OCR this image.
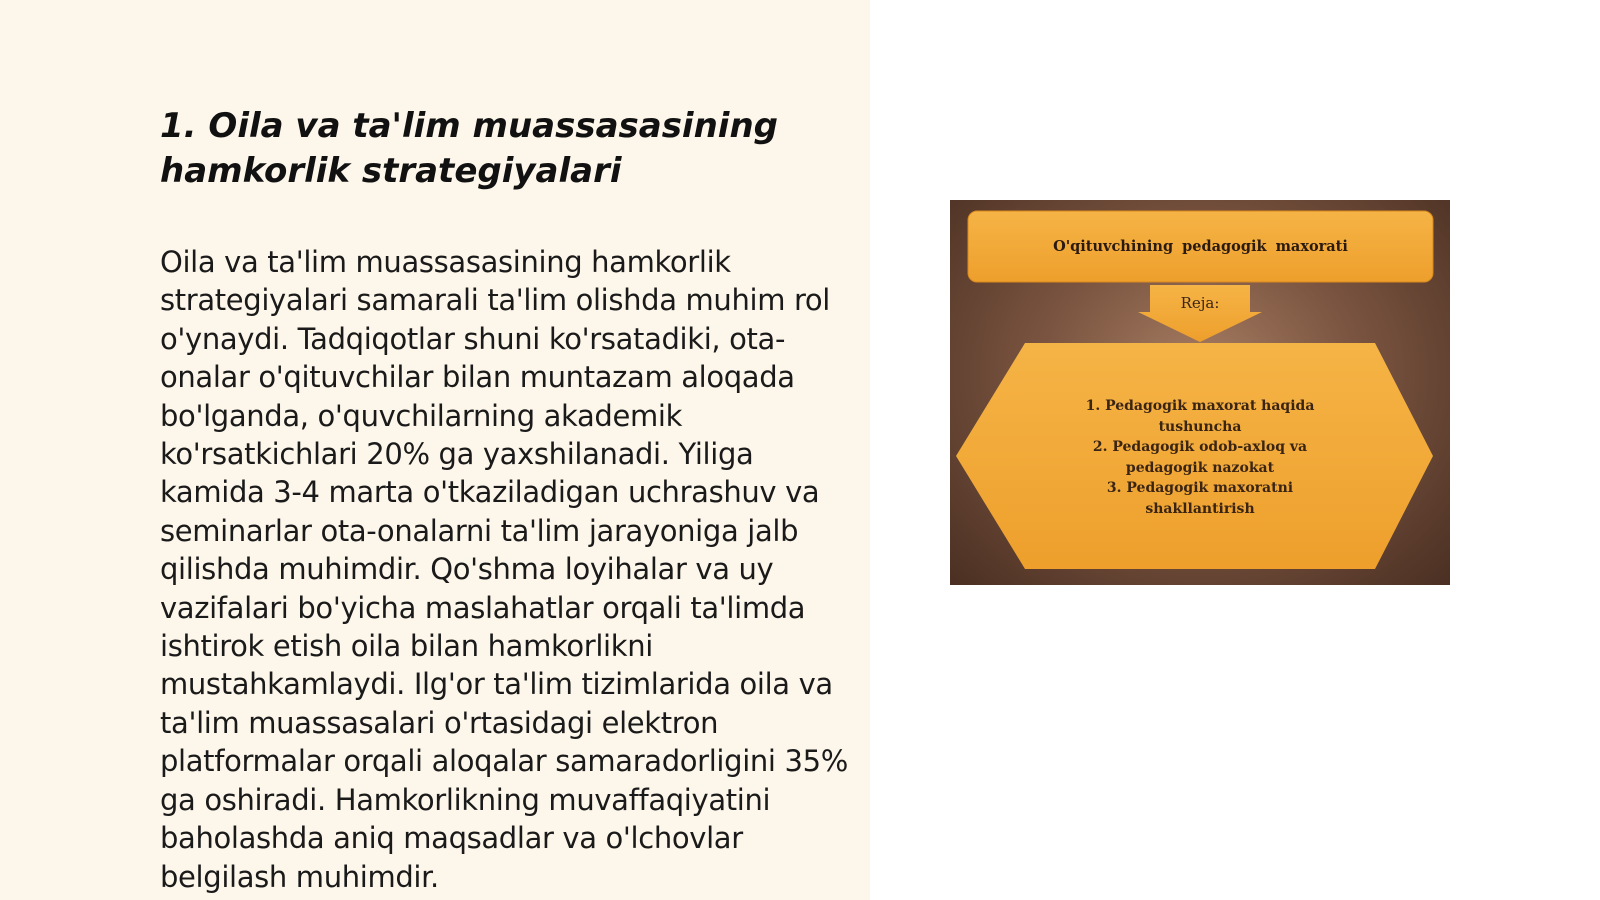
1. Oila va ta'lim muassasasining
hamkorlik strategiyalari

Oila va ta'lim muassasasining hamkorlik strategiyalari samarali ta'lim olishda muhim rol o'ynaydi. Tadqiqotlar shuni ko'rsatadiki, ota-onalar o'qituvchilar bilan muntazam aloqada bo'lganda, o'quvchilarning akademik ko'rsatkichlari 20% ga yaxshilanadi. Yiliga kamida 3-4 marta o'tkaziladigan uchrashuv va seminarlar ota-onalarni ta'lim jarayoniga jalb qilishda muhimdir. Qo'shma loyihalar va uy vazifalari bo'yicha maslahatlar orqali ta'limda ishtirok etish oila bilan hamkorlikni mustahkamlaydi. Ilg'or ta'lim tizimlarida oila va ta'lim muassasalari o'rtasidagi elektron platformalar orqali aloqalar samaradorligini 35% ga oshiradi. Hamkorlikning muvaffaqiyatini baholashda aniq maqsadlar va o'lchovlar belgilash muhimdir.

O'qituvchining pedagogik maxorati
Reja:
1. Pedagogik maxorat haqida tushuncha
2. Pedagogik odob-axloq va pedagogik nazokat
3. Pedagogik maxoratni shakllantirish
